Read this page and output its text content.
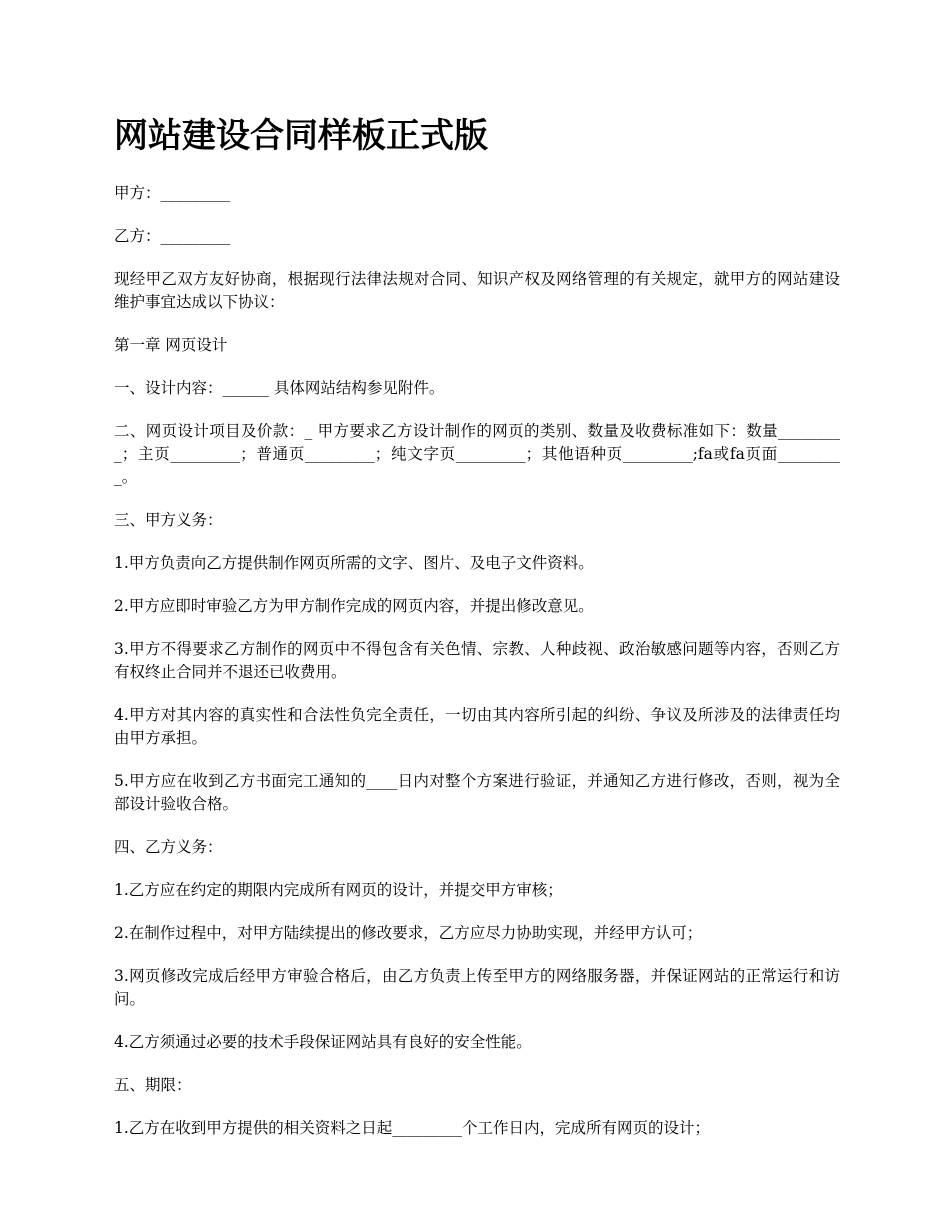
网站建设合同样板正式版

甲方：_________

乙方：_________

现经甲乙双方友好协商，根据现行法律法规对合同、知识产权及网络管理的有关规定，就甲方的网站建设维护事宜达成以下协议：

第一章 网页设计

一、设计内容：______ 具体网站结构参见附件。

二、网页设计项目及价款：_ 甲方要求乙方设计制作的网页的类别、数量及收费标准如下：数量_________；主页_________；普通页_________；纯文字页_________；其他语种页_________;fa或fa页面_________。

三、甲方义务：

1.甲方负责向乙方提供制作网页所需的文字、图片、及电子文件资料。

2.甲方应即时审验乙方为甲方制作完成的网页内容，并提出修改意见。

3.甲方不得要求乙方制作的网页中不得包含有关色情、宗教、人种歧视、政治敏感问题等内容，否则乙方有权终止合同并不退还已收费用。

4.甲方对其内容的真实性和合法性负完全责任，一切由其内容所引起的纠纷、争议及所涉及的法律责任均由甲方承担。

5.甲方应在收到乙方书面完工通知的____日内对整个方案进行验证，并通知乙方进行修改，否则，视为全部设计验收合格。

四、乙方义务：

1.乙方应在约定的期限内完成所有网页的设计，并提交甲方审核；

2.在制作过程中，对甲方陆续提出的修改要求，乙方应尽力协助实现，并经甲方认可；

3.网页修改完成后经甲方审验合格后，由乙方负责上传至甲方的网络服务器，并保证网站的正常运行和访问。

4.乙方须通过必要的技术手段保证网站具有良好的安全性能。

五、期限：

1.乙方在收到甲方提供的相关资料之日起_________个工作日内，完成所有网页的设计；
